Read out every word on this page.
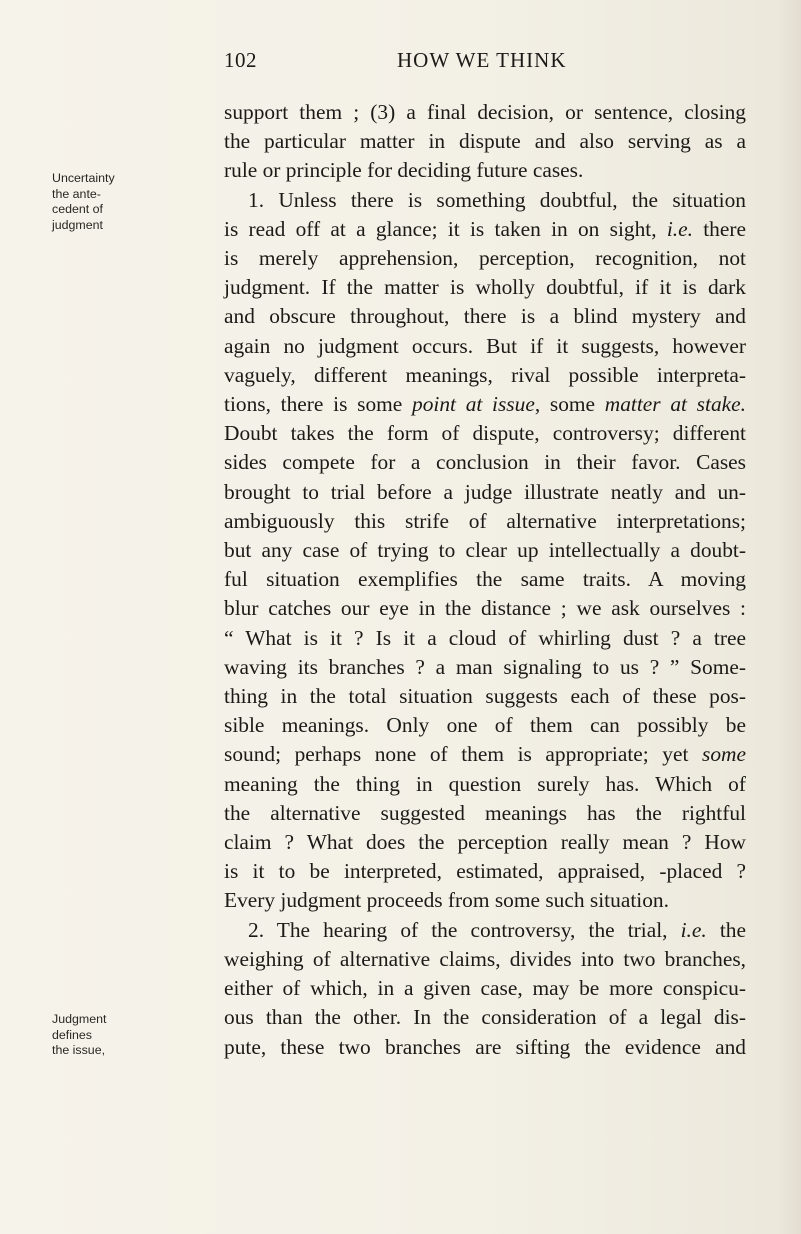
102	HOW WE THINK
Uncertainty
the ante-
cedent of
judgment
Judgment
defines
the issue,
support them ; (3) a final decision, or sentence, closing
the particular matter in dispute and also serving as a
rule or principle for deciding future cases.
1. Unless there is something doubtful, the situation
is read off at a glance; it is taken in on sight, i.e. there
is merely apprehension, perception, recognition, not
judgment. If the matter is wholly doubtful, if it is dark
and obscure throughout, there is a blind mystery and
again no judgment occurs. But if it suggests, however
vaguely, different meanings, rival possible interpreta-
tions, there is some point at issue, some matter at stake.
Doubt takes the form of dispute, controversy; different
sides compete for a conclusion in their favor. Cases
brought to trial before a judge illustrate neatly and un-
ambiguously this strife of alternative interpretations;
but any case of trying to clear up intellectually a doubt-
ful situation exemplifies the same traits. A moving
blur catches our eye in the distance ; we ask ourselves :
“ What is it ? Is it a cloud of whirling dust ? a tree
waving its branches ? a man signaling to us ? ” Some-
thing in the total situation suggests each of these pos-
sible meanings. Only one of them can possibly be
sound; perhaps none of them is appropriate; yet some
meaning the thing in question surely has. Which of
the alternative suggested meanings has the rightful
claim ? What does the perception really mean ? How
is it to be interpreted, estimated, appraised, -placed ?
Every judgment proceeds from some such situation.
2. The hearing of the controversy, the trial, i.e. the
weighing of alternative claims, divides into two branches,
either of which, in a given case, may be more conspicu-
ous than the other. In the consideration of a legal dis-
pute, these two branches are sifting the evidence and
